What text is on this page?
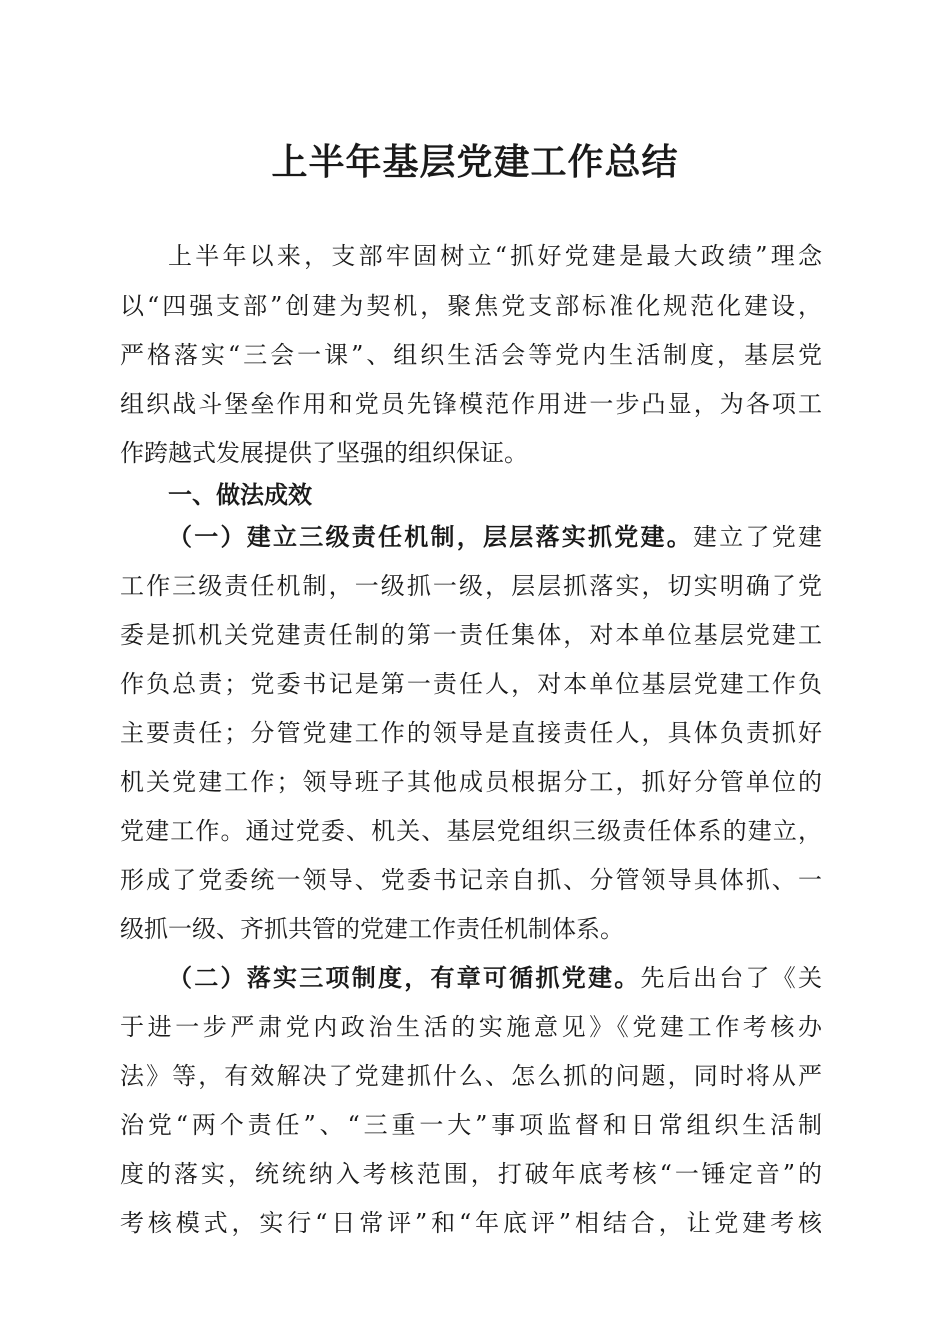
上半年基层党建工作总结
上半年以来，支部牢固树立“抓好党建是最大政绩”理念
以“四强支部”创建为契机，聚焦党支部标准化规范化建设，
严格落实“三会一课”、组织生活会等党内生活制度，基层党
组织战斗堡垒作用和党员先锋模范作用进一步凸显，为各项工
作跨越式发展提供了坚强的组织保证。
一、做法成效
（一）建立三级责任机制，层层落实抓党建。建立了党建
工作三级责任机制，一级抓一级，层层抓落实，切实明确了党
委是抓机关党建责任制的第一责任集体，对本单位基层党建工
作负总责；党委书记是第一责任人，对本单位基层党建工作负
主要责任；分管党建工作的领导是直接责任人，具体负责抓好
机关党建工作；领导班子其他成员根据分工，抓好分管单位的
党建工作。通过党委、机关、基层党组织三级责任体系的建立，
形成了党委统一领导、党委书记亲自抓、分管领导具体抓、一
级抓一级、齐抓共管的党建工作责任机制体系。
（二）落实三项制度，有章可循抓党建。先后出台了《关
于进一步严肃党内政治生活的实施意见》《党建工作考核办
法》等，有效解决了党建抓什么、怎么抓的问题，同时将从严
治党“两个责任”、“三重一大”事项监督和日常组织生活制
度的落实，统统纳入考核范围，打破年底考核“一锤定音”的
考核模式，实行“日常评”和“年底评”相结合，让党建考核
